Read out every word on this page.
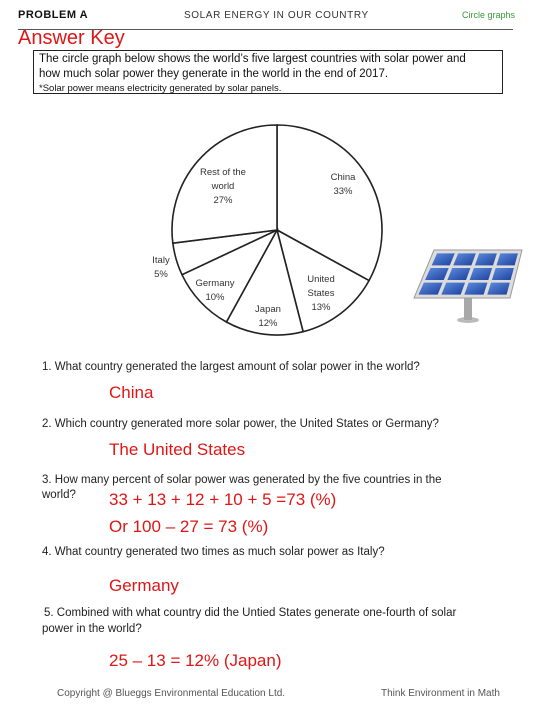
PROBLEM A	SOLAR ENERGY IN OUR COUNTRY	Circle graphs
Answer Key

The circle graph below shows the world’s five largest countries with solar power and

how much solar power they generate in the world in the end of 2017.

*Solar power means electricity generated by solar panels.

China 33%
United States 13%
Japan 12%
Germany 10%
Italy 5%
Rest of the world 27%
1. What country generated the largest amount of solar power in the world?
China
2. Which country generated more solar power, the United States or Germany?
The United States
3. How many percent of solar power was generated by the five countries in the
world? 33 + 13 + 12 + 10 + 5 =73 (%)
Or 100 – 27 = 73 (%)
4. What country generated two times as much solar power as Italy?
Germany
5. Combined with what country did the Untied States generate one-fourth of solar
power in the world?
25 – 13 = 12% (Japan)
Copyright @ Blueggs Environmental Education Ltd.	Think Environment in Math
